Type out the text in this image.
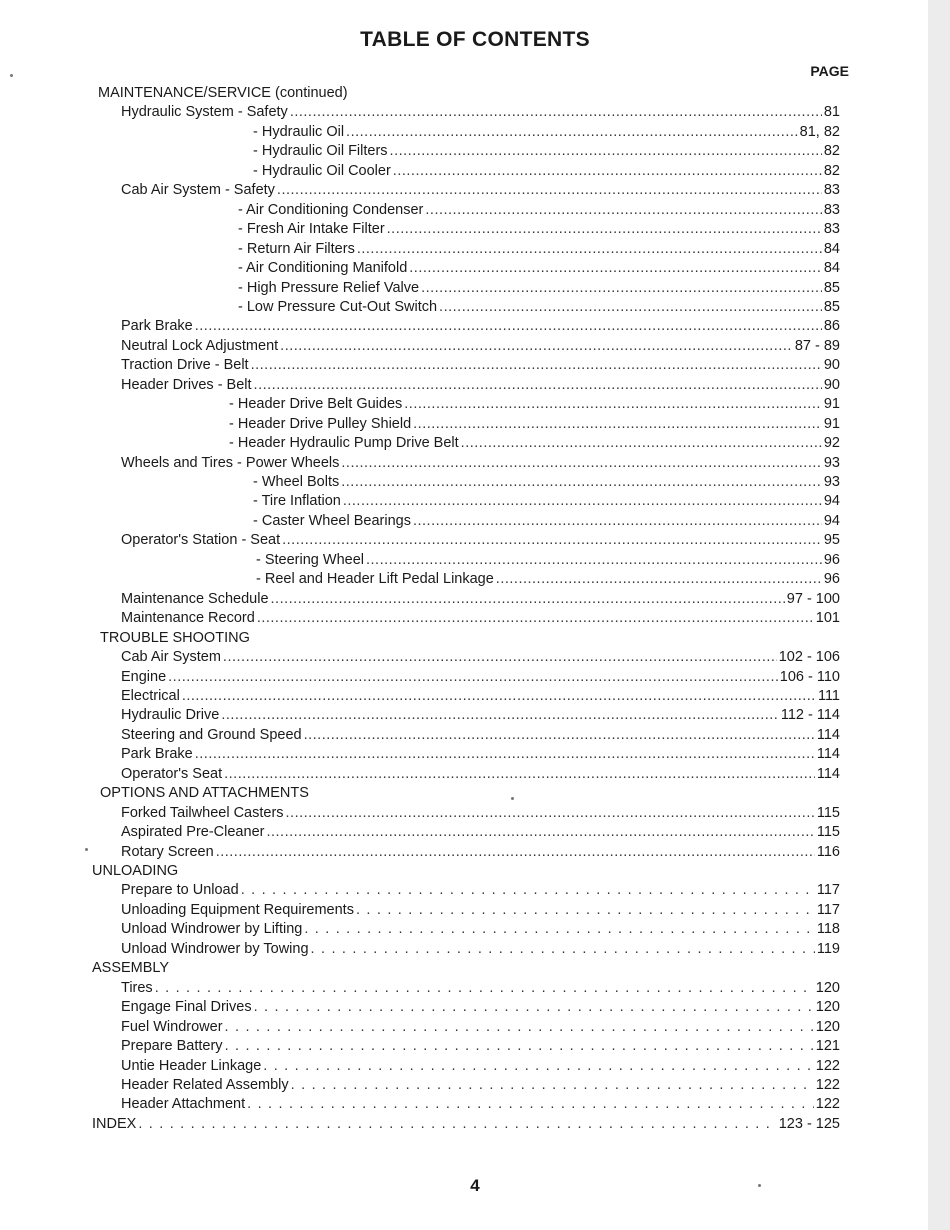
TABLE OF CONTENTS
PAGE
MAINTENANCE/SERVICE (continued)
Hydraulic System - Safety .....	81
- Hydraulic Oil .....	81, 82
- Hydraulic Oil Filters .....	82
- Hydraulic Oil Cooler .....	82
Cab Air System - Safety .....	83
- Air Conditioning Condenser .....	83
- Fresh Air Intake Filter .....	83
- Return Air Filters .....	84
- Air Conditioning Manifold .....	84
- High Pressure Relief Valve .....	85
- Low Pressure Cut-Out Switch .....	85
Park Brake .....	86
Neutral Lock Adjustment .....	87 - 89
Traction Drive - Belt .....	90
Header Drives - Belt .....	90
- Header Drive Belt Guides .....	91
- Header Drive Pulley Shield .....	91
- Header Hydraulic Pump Drive Belt .....	92
Wheels and Tires - Power Wheels .....	93
- Wheel Bolts .....	93
- Tire Inflation .....	94
- Caster Wheel Bearings .....	94
Operator's Station - Seat .....	95
- Steering Wheel .....	96
- Reel and Header Lift Pedal Linkage .....	96
Maintenance Schedule .....	97 - 100
Maintenance Record .....	101
TROUBLE SHOOTING
Cab Air System .....	102 - 106
Engine .....	106 - 110
Electrical .....	111
Hydraulic Drive .....	112 - 114
Steering and Ground Speed .....	114
Park Brake .....	114
Operator's Seat .....	114
OPTIONS AND ATTACHMENTS
Forked Tailwheel Casters .....	115
Aspirated Pre-Cleaner .....	115
Rotary Screen .....	116
UNLOADING
Prepare to Unload . . .	117
Unloading Equipment Requirements . . .	117
Unload Windrower by Lifting . . .	118
Unload Windrower by Towing . . .	119
ASSEMBLY
Tires . . .	120
Engage Final Drives . . .	120
Fuel Windrower . . .	120
Prepare Battery . . .	121
Untie Header Linkage . . .	122
Header Related Assembly . . .	122
Header Attachment . . .	122
INDEX . . .	123 - 125
4
